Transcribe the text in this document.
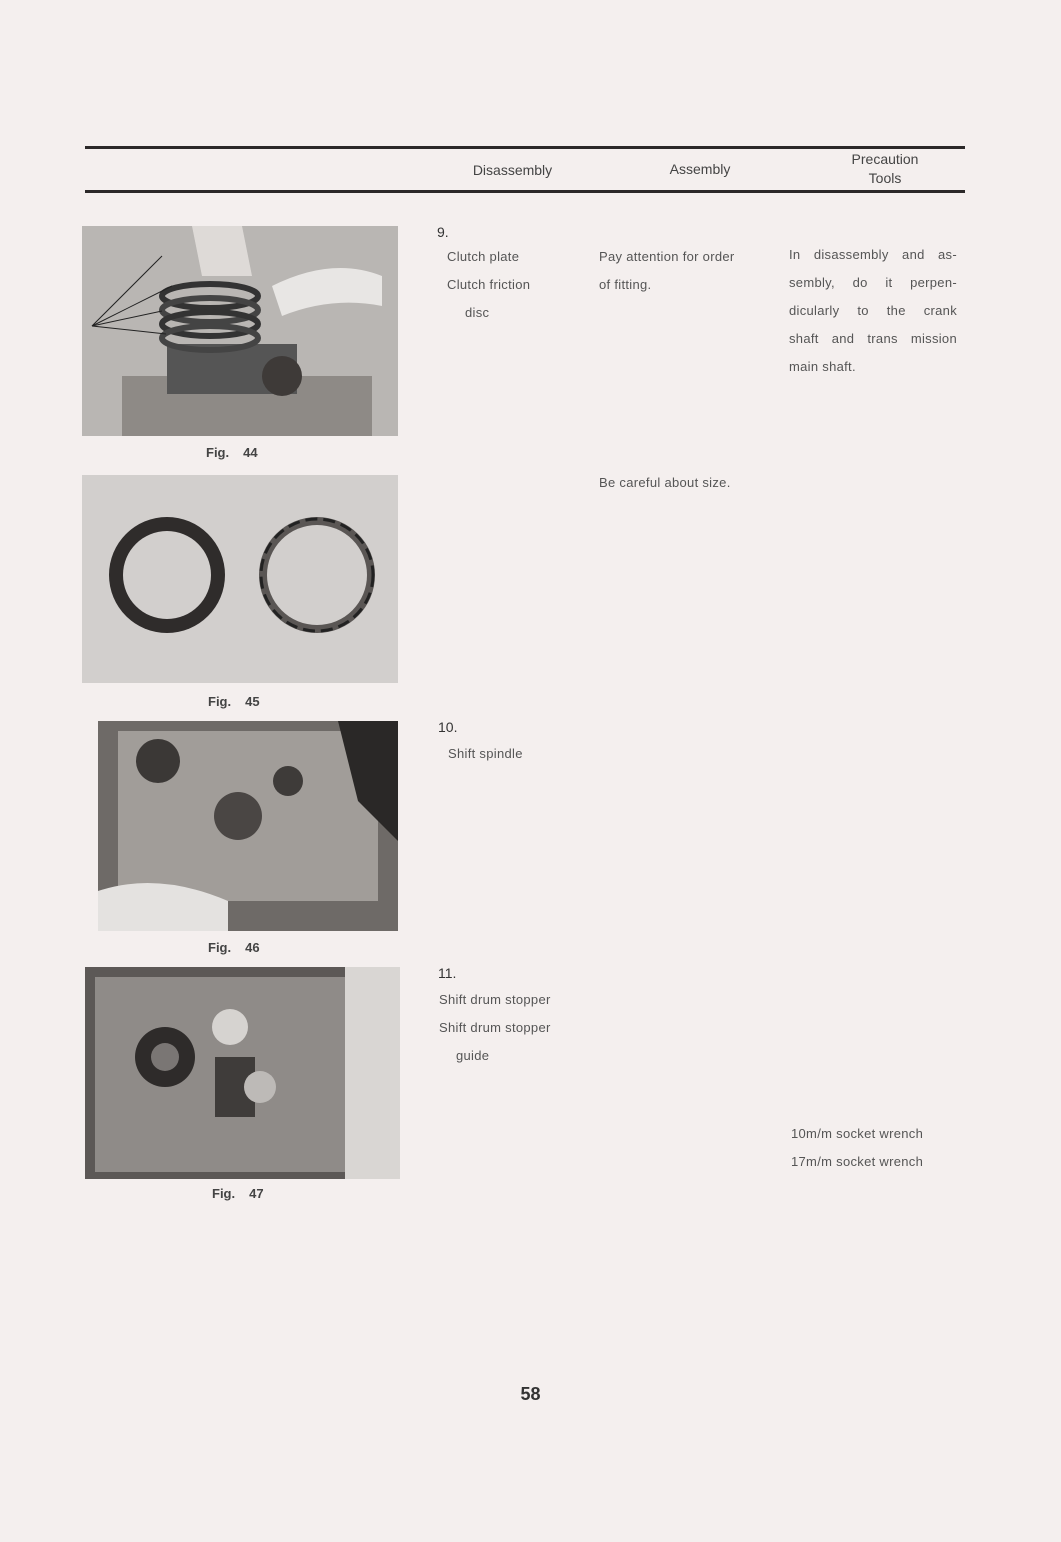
Disassembly	Assembly
Precaution
Tools
Fig. 44
Fig. 45
Fig. 46
Fig. 47
9.
Clutch plate
Clutch friction
disc
Pay attention for order
of fitting.
Be careful about size.
In disassembly and as-
sembly, do it perpen-
dicularly to the crank
shaft and trans mission
main shaft.
10.
Shift spindle
11.
Shift drum stopper
Shift drum stopper
guide
10m/m socket wrench
17m/m socket wrench
58
